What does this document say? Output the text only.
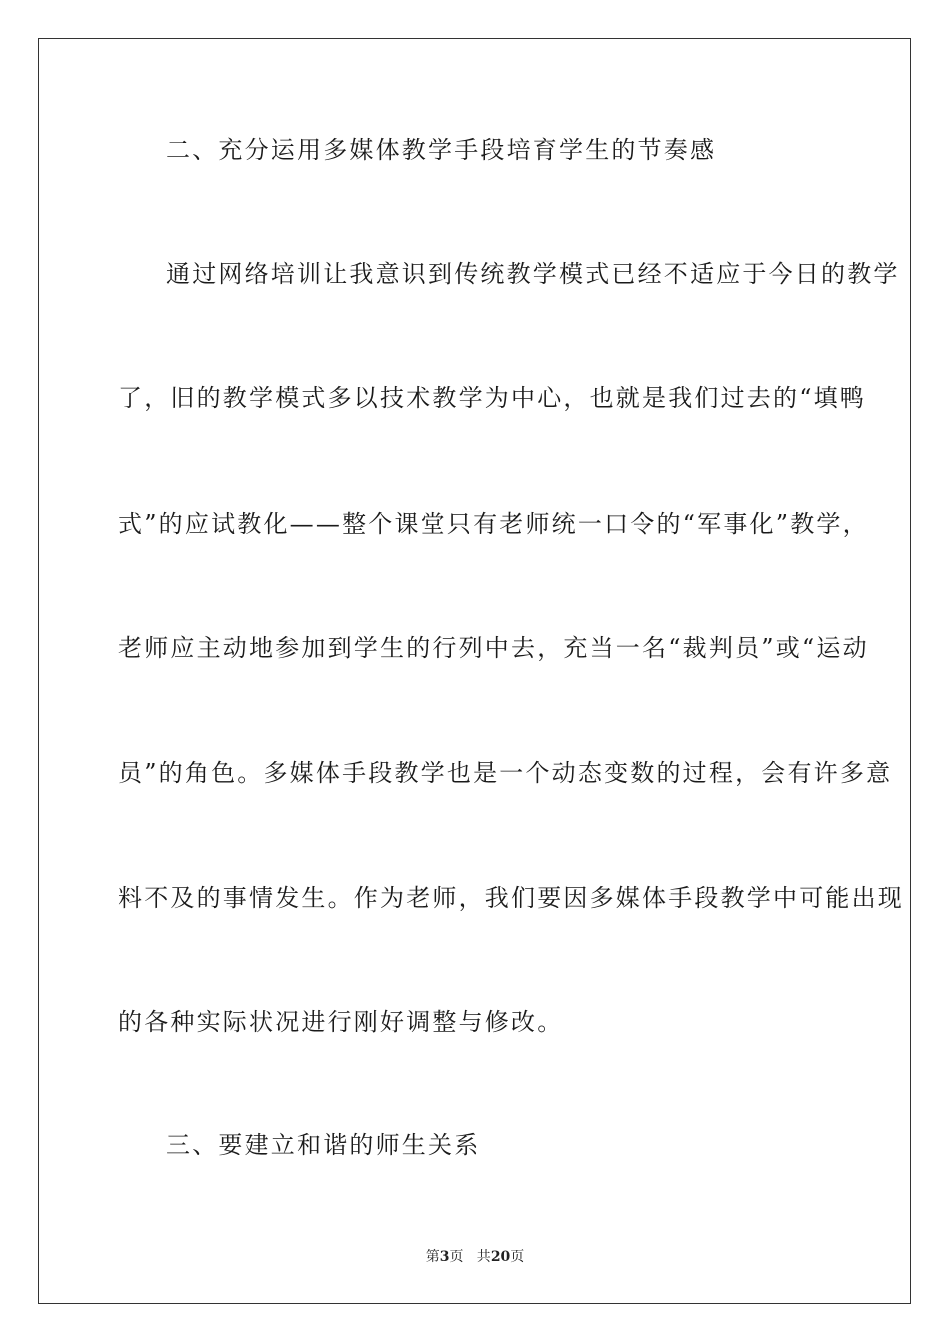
二、充分运用多媒体教学手段培育学生的节奏感
通过网络培训让我意识到传统教学模式已经不适应于今日的教学
了，旧的教学模式多以技术教学为中心，也就是我们过去的“填鸭
式”的应试教化——整个课堂只有老师统一口令的“军事化”教学，
老师应主动地参加到学生的行列中去，充当一名“裁判员”或“运动
员”的角色。多媒体手段教学也是一个动态变数的过程，会有许多意
料不及的事情发生。作为老师，我们要因多媒体手段教学中可能出现
的各种实际状况进行刚好调整与修改。
三、要建立和谐的师生关系
第3页   共20页
